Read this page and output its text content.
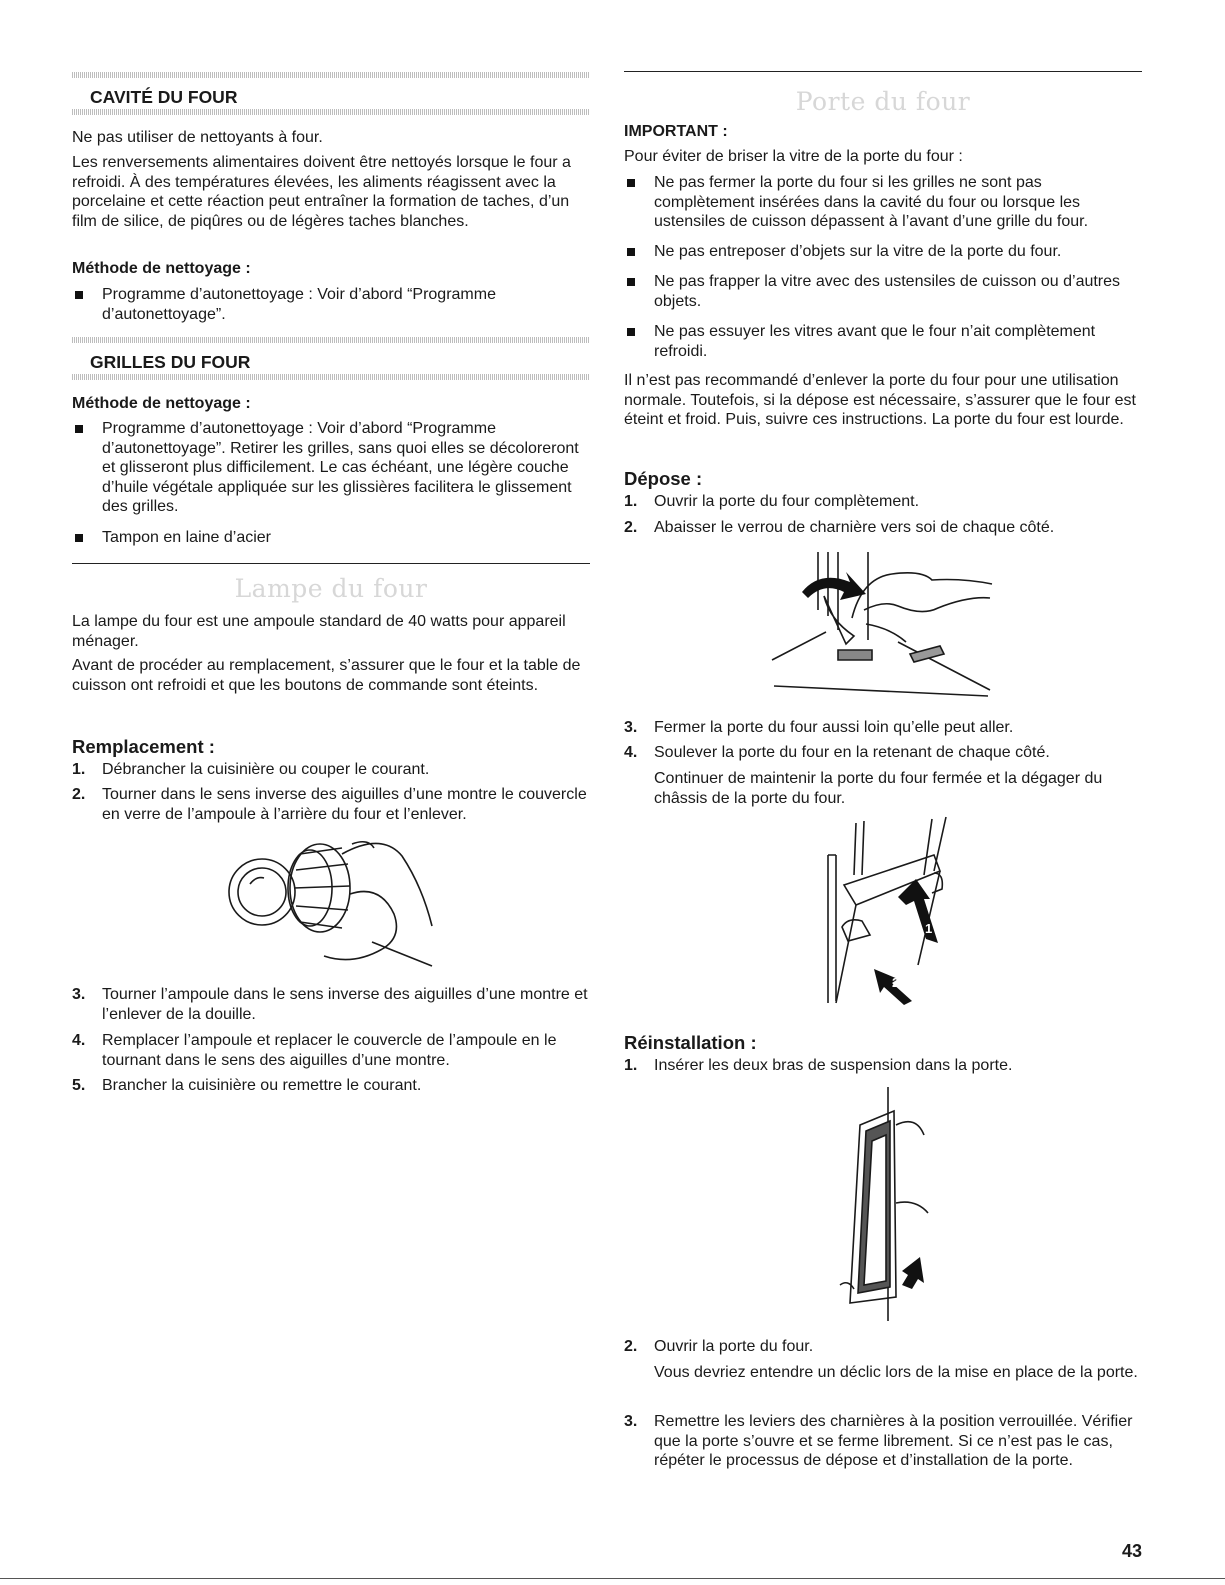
CAVITÉ DU FOUR

Ne pas utiliser de nettoyants à four.

Les renversements alimentaires doivent être nettoyés lorsque le four a refroidi. À des températures élevées, les aliments réagissent avec la porcelaine et cette réaction peut entraîner la formation de taches, d’un film de silice, de piqûres ou de légères taches blanches.

Méthode de nettoyage :

Programme d’autonettoyage : Voir d’abord “Programme d’autonettoyage”.

GRILLES DU FOUR
Méthode de nettoyage :

Programme d’autonettoyage : Voir d’abord “Programme d’autonettoyage”. Retirer les grilles, sans quoi elles se décoloreront et glisseront plus difficilement. Le cas échéant, une légère couche d’huile végétale appliquée sur les glissières facilitera le glissement des grilles.

Tampon en laine d’acier

Lampe du four

La lampe du four est une ampoule standard de 40 watts pour appareil ménager.

Avant de procéder au remplacement, s’assurer que le four et la table de cuisson ont refroidi et que les boutons de commande sont éteints.

Remplacement :

1. Débrancher la cuisinière ou couper le courant.

2. Tourner dans le sens inverse des aiguilles d’une montre le couvercle en verre de l’ampoule à l’arrière du four et l’enlever.

3. Tourner l’ampoule dans le sens inverse des aiguilles d’une montre et l’enlever de la douille.

4. Remplacer l’ampoule et replacer le couvercle de l’ampoule en le tournant dans le sens des aiguilles d’une montre.

5. Brancher la cuisinière ou remettre le courant.

Porte du four
IMPORTANT :

Pour éviter de briser la vitre de la porte du four :

Ne pas fermer la porte du four si les grilles ne sont pas complètement insérées dans la cavité du four ou lorsque les ustensiles de cuisson dépassent à l’avant d’une grille du four.

Ne pas entreposer d’objets sur la vitre de la porte du four.

Ne pas frapper la vitre avec des ustensiles de cuisson ou d’autres objets.

Ne pas essuyer les vitres avant que le four n’ait complètement refroidi.

Il n’est pas recommandé d’enlever la porte du four pour une utilisation normale. Toutefois, si la dépose est nécessaire, s’assurer que le four est éteint et froid. Puis, suivre ces instructions. La porte du four est lourde.

Dépose :

1. Ouvrir la porte du four complètement.

2. Abaisser le verrou de charnière vers soi de chaque côté.

3. Fermer la porte du four aussi loin qu’elle peut aller.

4. Soulever la porte du four en la retenant de chaque côté.

Continuer de maintenir la porte du four fermée et la dégager du châssis de la porte du four.

Réinstallation :

1. Insérer les deux bras de suspension dans la porte.

2. Ouvrir la porte du four.

Vous devriez entendre un déclic lors de la mise en place de la porte.

3. Remettre les leviers des charnières à la position verrouillée. Vérifier que la porte s’ouvre et se ferme librement. Si ce n’est pas le cas, répéter le processus de dépose et d’installation de la porte.

1
2
43
